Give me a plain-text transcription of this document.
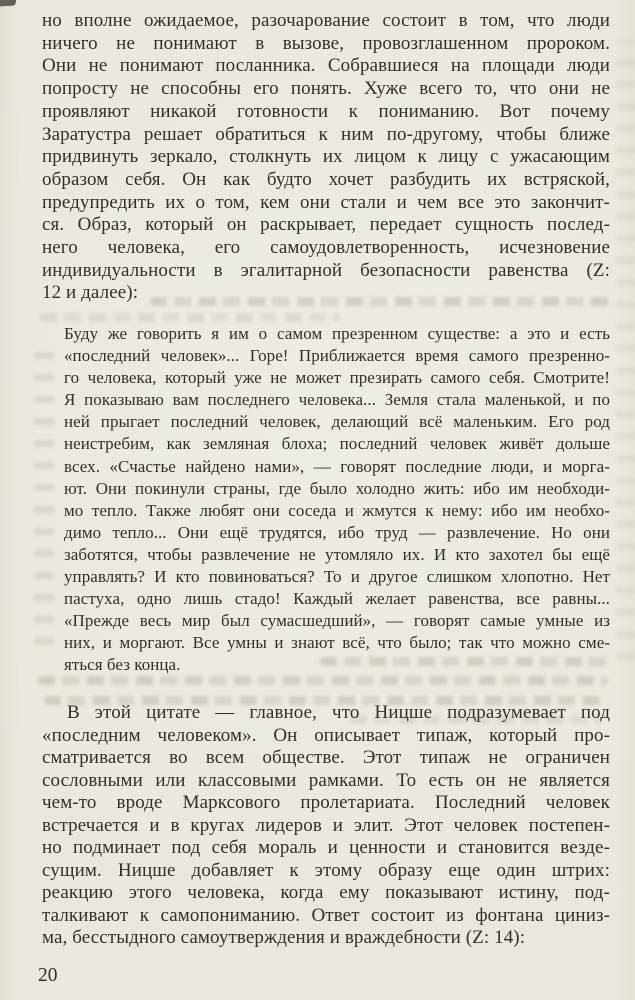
но вполне ожидаемое, разочарование состоит в том, что люди
ничего не понимают в вызове, провозглашенном пророком.
Они не понимают посланника. Собравшиеся на площади люди
попросту не способны его понять. Хуже всего то, что они не
проявляют никакой готовности к пониманию. Вот почему
Заратустра решает обратиться к ним по-другому, чтобы ближе
придвинуть зеркало, столкнуть их лицом к лицу с ужасающим
образом себя. Он как будто хочет разбудить их встряской,
предупредить их о том, кем они стали и чем все это закончит-
ся. Образ, который он раскрывает, передает сущность послед-
него человека, его самоудовлетворенность, исчезновение
индивидуальности в эгалитарной безопасности равенства (Z:
12 и далее):
Буду же говорить я им о самом презренном существе: а это и есть
«последний человек»... Горе! Приближается время самого презренно-
го человека, который уже не может презирать самого себя. Смотрите!
Я показываю вам последнего человека... Земля стала маленькой, и по
ней прыгает последний человек, делающий всё маленьким. Его род
неистребим, как земляная блоха; последний человек живёт дольше
всех. «Счастье найдено нами», — говорят последние люди, и морга-
ют. Они покинули страны, где было холодно жить: ибо им необходи-
мо тепло. Также любят они соседа и жмутся к нему: ибо им необхо-
димо тепло... Они ещё трудятся, ибо труд — развлечение. Но они
заботятся, чтобы развлечение не утомляло их. И кто захотел бы ещё
управлять? И кто повиноваться? То и другое слишком хлопотно. Нет
пастуха, одно лишь стадо! Каждый желает равенства, все равны...
«Прежде весь мир был сумасшедший», — говорят самые умные из
них, и моргают. Все умны и знают всё, что было; так что можно сме-
яться без конца.
В этой цитате — главное, что Ницше подразумевает под
«последним человеком». Он описывает типаж, который про-
сматривается во всем обществе. Этот типаж не ограничен
сословными или классовыми рамками. То есть он не является
чем-то вроде Марксового пролетариата. Последний человек
встречается и в кругах лидеров и элит. Этот человек постепен-
но подминает под себя мораль и ценности и становится везде-
сущим. Ницше добавляет к этому образу еще один штрих:
реакцию этого человека, когда ему показывают истину, под-
талкивают к самопониманию. Ответ состоит из фонтана циниз-
ма, бесстыдного самоутверждения и враждебности (Z: 14):
20
